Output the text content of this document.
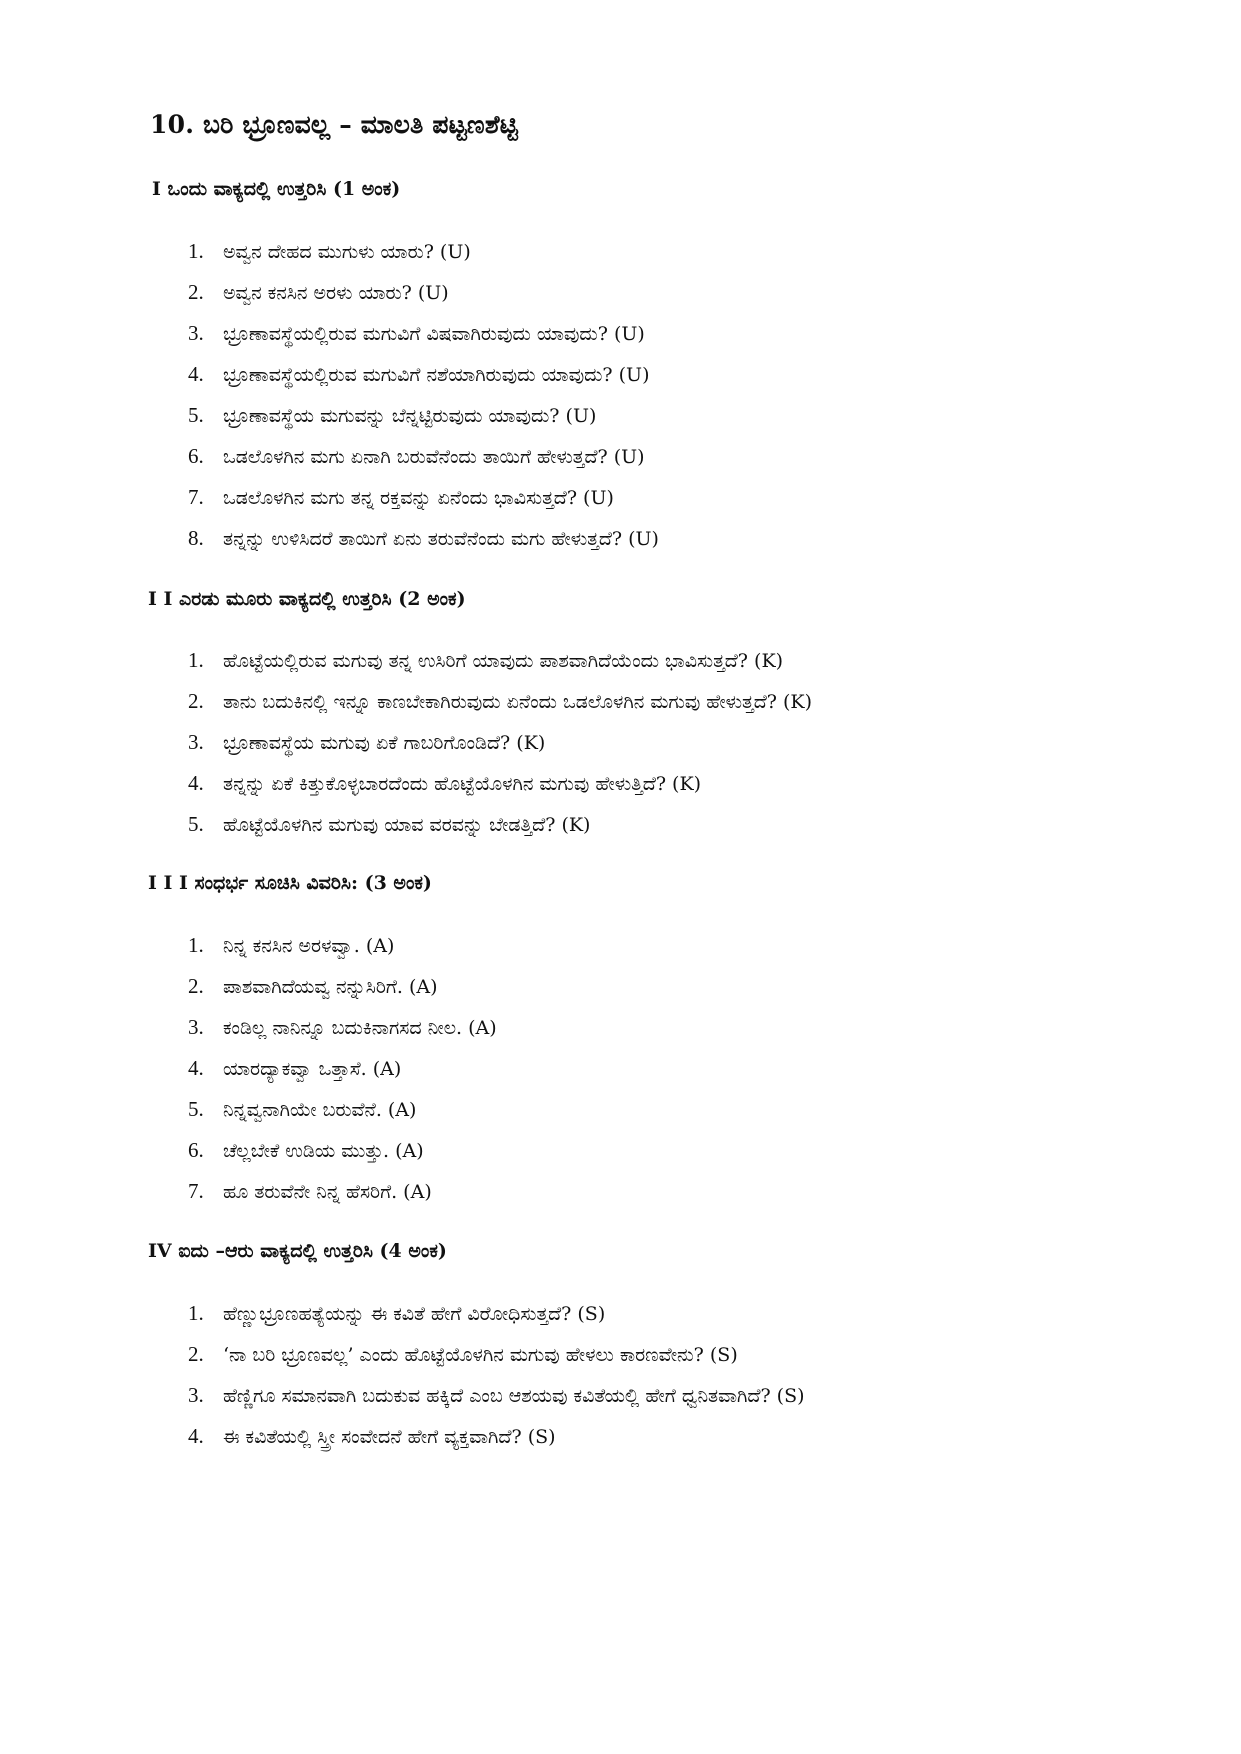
10. ಬರಿ ಭ್ರೂಣವಲ್ಲ – ಮಾಲತಿ ಪಟ್ಟಣಶೆಟ್ಟಿ
I ಒಂದು ವಾಕ್ಯದಲ್ಲಿ ಉತ್ತರಿಸಿ (1 ಅಂಕ)
1.	ಅವ್ವನ ದೇಹದ ಮುಗುಳು ಯಾರು? (U)
2.	ಅವ್ವನ ಕನಸಿನ ಅರಳು ಯಾರು? (U)
3.	ಭ್ರೂಣಾವಸ್ಥೆಯಲ್ಲಿರುವ ಮಗುವಿಗೆ ವಿಷವಾಗಿರುವುದು ಯಾವುದು? (U)
4.	ಭ್ರೂಣಾವಸ್ಥೆಯಲ್ಲಿರುವ ಮಗುವಿಗೆ ನಶೆಯಾಗಿರುವುದು ಯಾವುದು? (U)
5.	ಭ್ರೂಣಾವಸ್ಥೆಯ ಮಗುವನ್ನು ಬೆನ್ನಟ್ಟಿರುವುದು ಯಾವುದು? (U)
6.	ಒಡಲೊಳಗಿನ ಮಗು ಏನಾಗಿ ಬರುವೆನೆಂದು ತಾಯಿಗೆ ಹೇಳುತ್ತದೆ? (U)
7.	ಒಡಲೊಳಗಿನ ಮಗು ತನ್ನ ರಕ್ತವನ್ನು ಏನೆಂದು ಭಾವಿಸುತ್ತದೆ? (U)
8.	ತನ್ನನ್ನು ಉಳಿಸಿದರೆ ತಾಯಿಗೆ ಏನು ತರುವೆನೆಂದು ಮಗು ಹೇಳುತ್ತದೆ? (U)
I I ಎರಡು ಮೂರು ವಾಕ್ಯದಲ್ಲಿ ಉತ್ತರಿಸಿ (2 ಅಂಕ)
1.	ಹೊಟ್ಟೆಯಲ್ಲಿರುವ ಮಗುವು ತನ್ನ ಉಸಿರಿಗೆ ಯಾವುದು ಪಾಶವಾಗಿದೆಯೆಂದು ಭಾವಿಸುತ್ತದೆ? (K)
2.	ತಾನು ಬದುಕಿನಲ್ಲಿ ಇನ್ನೂ ಕಾಣಬೇಕಾಗಿರುವುದು ಏನೆಂದು ಒಡಲೊಳಗಿನ ಮಗುವು ಹೇಳುತ್ತದೆ? (K)
3.	ಭ್ರೂಣಾವಸ್ಥೆಯ ಮಗುವು ಏಕೆ ಗಾಬರಿಗೊಂಡಿದೆ? (K)
4.	ತನ್ನನ್ನು ಏಕೆ ಕಿತ್ತುಕೊಳ್ಳಬಾರದೆಂದು ಹೊಟ್ಟೆಯೊಳಗಿನ ಮಗುವು ಹೇಳುತ್ತಿದೆ? (K)
5.	ಹೊಟ್ಟೆಯೊಳಗಿನ ಮಗುವು ಯಾವ ವರವನ್ನು ಬೇಡತ್ತಿದೆ? (K)
I I I ಸಂಧರ್ಭ ಸೂಚಿಸಿ ವಿವರಿಸಿ: (3 ಅಂಕ)
1.	ನಿನ್ನ ಕನಸಿನ ಅರಳವ್ವಾ. (A)
2.	ಪಾಶವಾಗಿದೆಯವ್ವ ನನ್ನುಸಿರಿಗೆ. (A)
3.	ಕಂಡಿಲ್ಲ ನಾನಿನ್ನೂ ಬದುಕಿನಾಗಸದ ನೀಲ. (A)
4.	ಯಾರದ್ಯಾಕವ್ವಾ ಒತ್ತಾಸೆ. (A)
5.	ನಿನ್ನವ್ವನಾಗಿಯೇ ಬರುವೆನೆ. (A)
6.	ಚೆಲ್ಲಬೇಕೆ ಉಡಿಯ ಮುತ್ತು. (A)
7.	ಹೂ ತರುವೆನೇ ನಿನ್ನ ಹೆಸರಿಗೆ. (A)
IV ಐದು –ಆರು ವಾಕ್ಯದಲ್ಲಿ ಉತ್ತರಿಸಿ (4 ಅಂಕ)
1.	ಹೆಣ್ಣುಭ್ರೂಣಹತ್ಯೆಯನ್ನು ಈ ಕವಿತೆ ಹೇಗೆ ವಿರೋಧಿಸುತ್ತದೆ? (S)
2.	‘ನಾ ಬರಿ ಭ್ರೂಣವಲ್ಲ’ ಎಂದು ಹೊಟ್ಟೆಯೊಳಗಿನ ಮಗುವು ಹೇಳಲು ಕಾರಣವೇನು? (S)
3.	ಹೆಣ್ಣಿಗೂ ಸಮಾನವಾಗಿ ಬದುಕುವ ಹಕ್ಕಿದೆ ಎಂಬ ಆಶಯವು ಕವಿತೆಯಲ್ಲಿ ಹೇಗೆ ಧ್ವನಿತವಾಗಿದೆ? (S)
4.	ಈ ಕವಿತೆಯಲ್ಲಿ ಸ್ತ್ರೀ ಸಂವೇದನೆ ಹೇಗೆ ವ್ಯಕ್ತವಾಗಿದೆ? (S)
